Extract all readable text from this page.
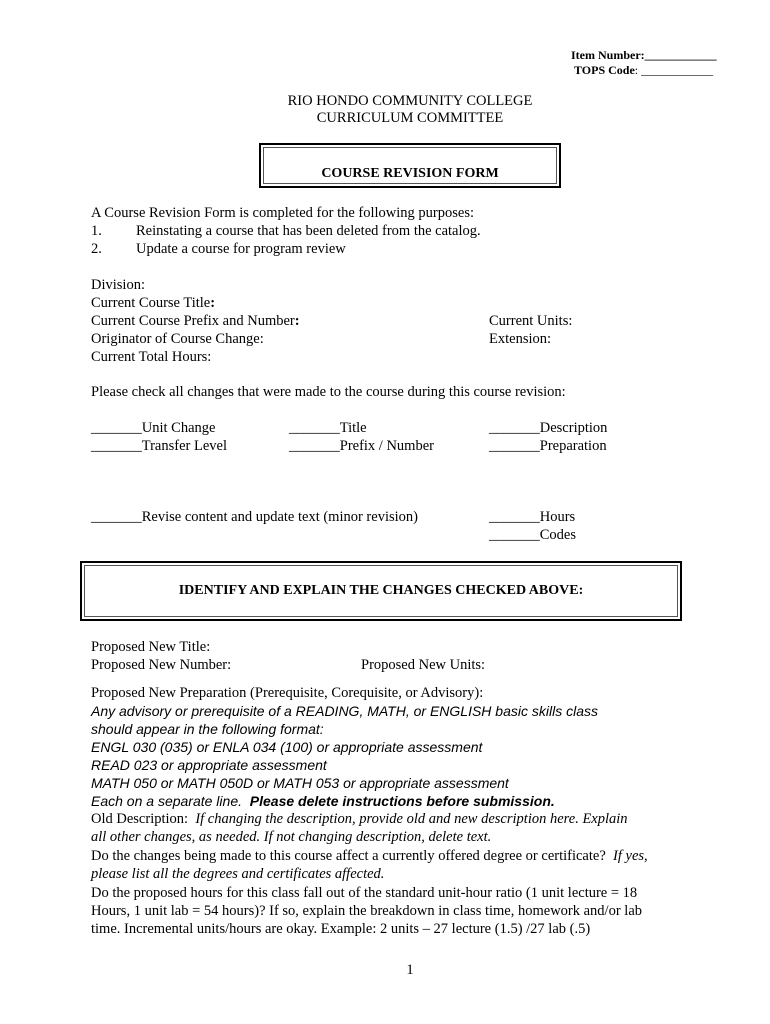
Item Number:____________
TOPS Code: ____________
RIO HONDO COMMUNITY COLLEGE
CURRICULUM COMMITTEE
COURSE REVISION FORM
A Course Revision Form is completed for the following purposes:
1. Reinstating a course that has been deleted from the catalog.
2. Update a course for program review
Division:
Current Course Title:
Current Course Prefix and Number:
Originator of Course Change:
Current Total Hours:
Current Units:
Extension:
Please check all changes that were made to the course during this course revision:
_______Unit Change
_______Transfer Level
_______Title
_______Prefix / Number
_______Description
_______Preparation
_______Revise content and update text (minor revision)	_______Hours
_______Codes
IDENTIFY AND EXPLAIN THE CHANGES CHECKED ABOVE:
Proposed New Title:
Proposed New Number:	Proposed New Units:
Proposed New Preparation (Prerequisite, Corequisite, or Advisory):
Any advisory or prerequisite of a READING, MATH, or ENGLISH basic skills class
should appear in the following format:
ENGL 030 (035) or ENLA 034 (100) or appropriate assessment
READ 023 or appropriate assessment
MATH 050 or MATH 050D or MATH 053 or appropriate assessment
Each on a separate line. Please delete instructions before submission.
Old Description: If changing the description, provide old and new description here. Explain
all other changes, as needed. If not changing description, delete text.
Do the changes being made to this course affect a currently offered degree or certificate? If yes,
please list all the degrees and certificates affected.
Do the proposed hours for this class fall out of the standard unit-hour ratio (1 unit lecture = 18
Hours, 1 unit lab = 54 hours)? If so, explain the breakdown in class time, homework and/or lab
time. Incremental units/hours are okay. Example: 2 units – 27 lecture (1.5) /27 lab (.5)
1
